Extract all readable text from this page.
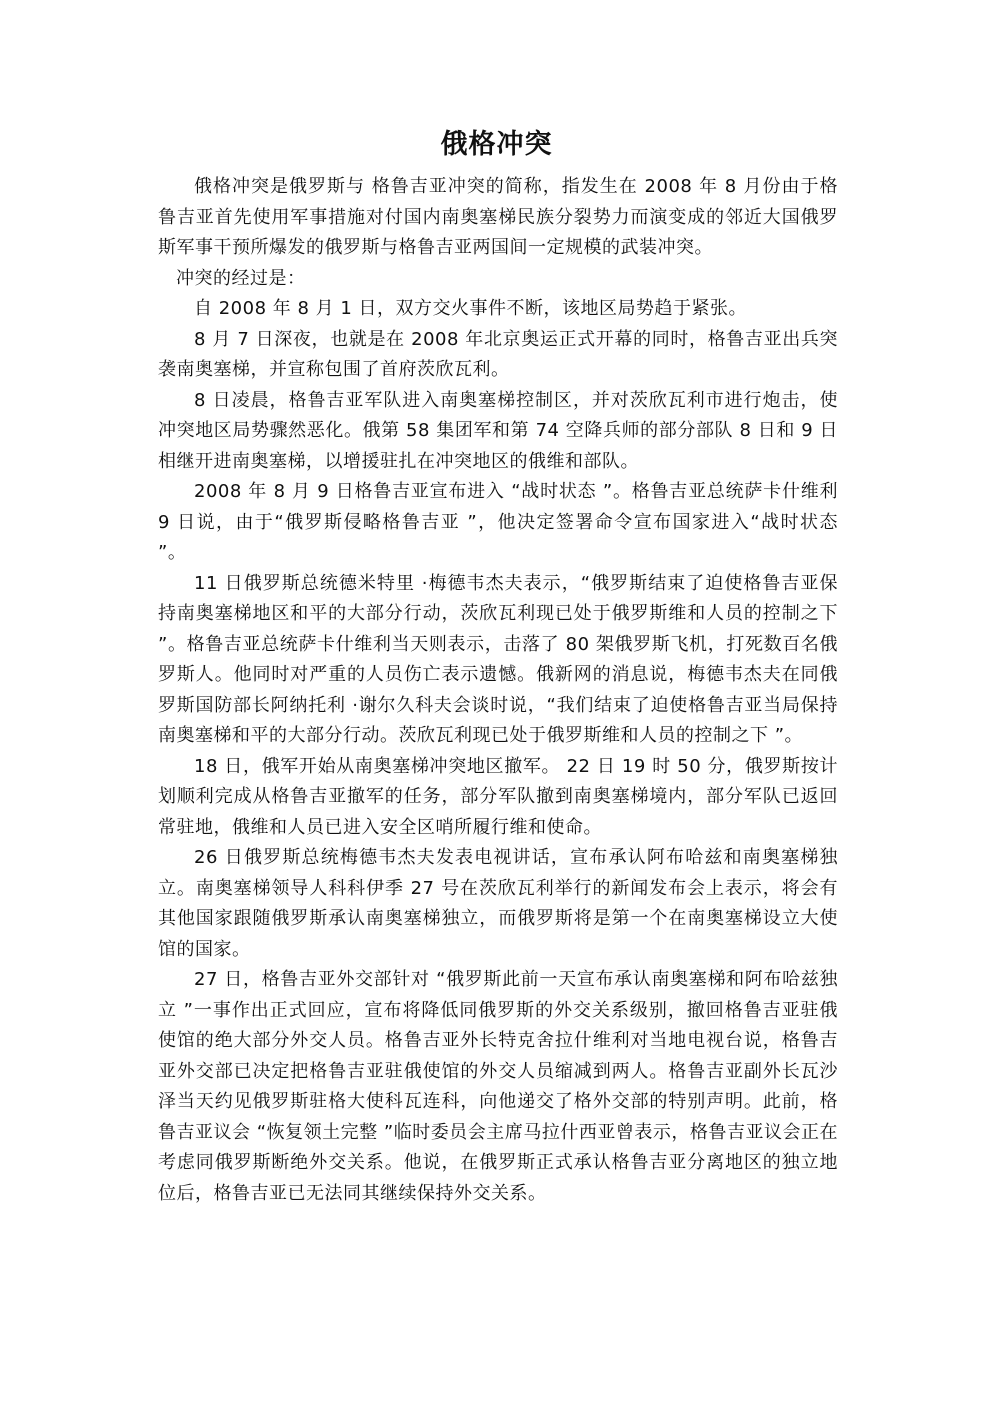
俄格冲突

俄格冲突是俄罗斯与 格鲁吉亚冲突的简称，指发生在 2008 年 8 月份由于格鲁吉亚首先使用军事措施对付国内南奥塞梯民族分裂势力而演变成的邻近大国俄罗斯军事干预所爆发的俄罗斯与格鲁吉亚两国间一定规模的武装冲突。

冲突的经过是：

自 2008 年 8 月 1 日，双方交火事件不断，该地区局势趋于紧张。

8 月 7 日深夜，也就是在 2008 年北京奥运正式开幕的同时，格鲁吉亚出兵突袭南奥塞梯，并宣称包围了首府茨欣瓦利。

8 日凌晨，格鲁吉亚军队进入南奥塞梯控制区，并对茨欣瓦利市进行炮击，使冲突地区局势骤然恶化。俄第 58 集团军和第 74 空降兵师的部分部队 8 日和 9 日相继开进南奥塞梯，以增援驻扎在冲突地区的俄维和部队。

2008 年 8 月 9 日格鲁吉亚宣布进入 “战时状态 ”。格鲁吉亚总统萨卡什维利 9 日说，由于“俄罗斯侵略格鲁吉亚 ”，他决定签署命令宣布国家进入“战时状态 ”。

11 日俄罗斯总统德米特里 ·梅德韦杰夫表示，“俄罗斯结束了迫使格鲁吉亚保持南奥塞梯地区和平的大部分行动，茨欣瓦利现已处于俄罗斯维和人员的控制之下 ”。格鲁吉亚总统萨卡什维利当天则表示，击落了 80 架俄罗斯飞机，打死数百名俄罗斯人。他同时对严重的人员伤亡表示遗憾。俄新网的消息说，梅德韦杰夫在同俄罗斯国防部长阿纳托利 ·谢尔久科夫会谈时说，“我们结束了迫使格鲁吉亚当局保持南奥塞梯和平的大部分行动。茨欣瓦利现已处于俄罗斯维和人员的控制之下 ”。

18 日，俄军开始从南奥塞梯冲突地区撤军。 22 日 19 时 50 分，俄罗斯按计划顺利完成从格鲁吉亚撤军的任务，部分军队撤到南奥塞梯境内，部分军队已返回常驻地，俄维和人员已进入安全区哨所履行维和使命。

26 日俄罗斯总统梅德韦杰夫发表电视讲话，宣布承认阿布哈兹和南奥塞梯独立。南奥塞梯领导人科科伊季 27 号在茨欣瓦利举行的新闻发布会上表示，将会有其他国家跟随俄罗斯承认南奥塞梯独立，而俄罗斯将是第一个在南奥塞梯设立大使馆的国家。

27 日，格鲁吉亚外交部针对 “俄罗斯此前一天宣布承认南奥塞梯和阿布哈兹独立 ”一事作出正式回应，宣布将降低同俄罗斯的外交关系级别，撤回格鲁吉亚驻俄使馆的绝大部分外交人员。格鲁吉亚外长特克舍拉什维利对当地电视台说，格鲁吉亚外交部已决定把格鲁吉亚驻俄使馆的外交人员缩减到两人。格鲁吉亚副外长瓦沙泽当天约见俄罗斯驻格大使科瓦连科，向他递交了格外交部的特别声明。此前，格鲁吉亚议会 “恢复领土完整 ”临时委员会主席马拉什西亚曾表示，格鲁吉亚议会正在考虑同俄罗斯断绝外交关系。他说，在俄罗斯正式承认格鲁吉亚分离地区的独立地位后，格鲁吉亚已无法同其继续保持外交关系。
